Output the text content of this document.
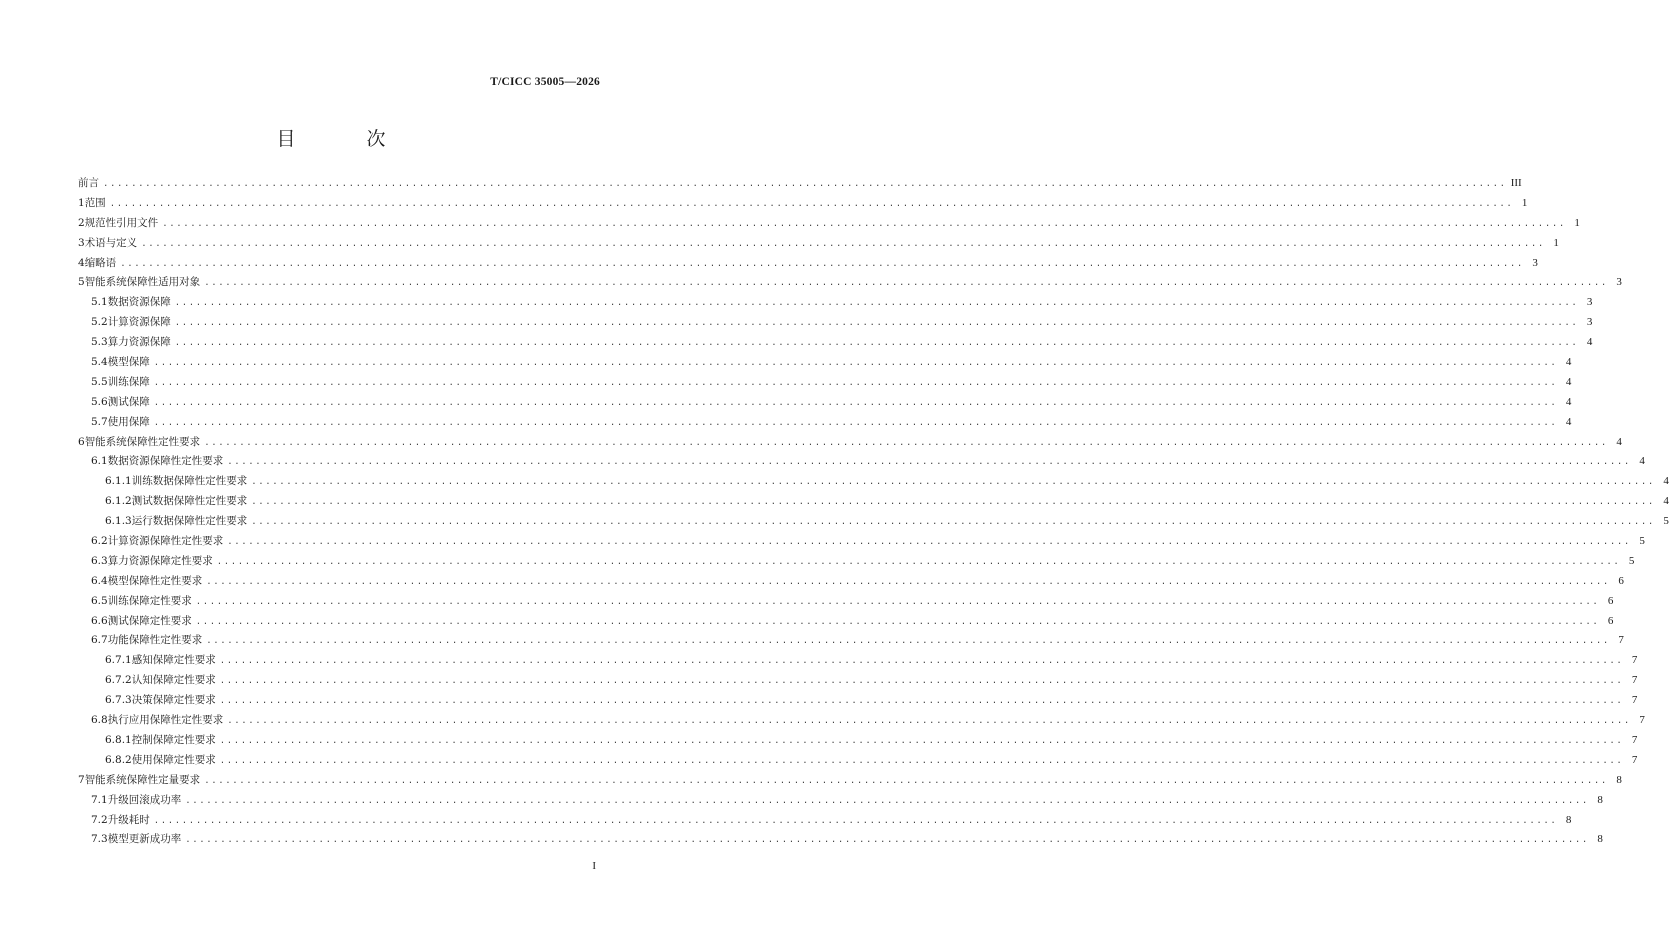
T/CICC 35005—2026
目　次
前言 ........................................................................................................................................................................................................ III
1 范围 ........................................................................................................................................................................................................ 1
2 规范性引用文件 ........................................................................................................................................................................................................ 1
3 术语与定义 ........................................................................................................................................................................................................ 1
4 缩略语 ........................................................................................................................................................................................................ 3
5 智能系统保障性适用对象 ........................................................................................................................................................................................................ 3
5.1 数据资源保障 ........................................................................................................................................................................................................ 3
5.2 计算资源保障 ........................................................................................................................................................................................................ 3
5.3 算力资源保障 ........................................................................................................................................................................................................ 4
5.4 模型保障 ........................................................................................................................................................................................................ 4
5.5 训练保障 ........................................................................................................................................................................................................ 4
5.6 测试保障 ........................................................................................................................................................................................................ 4
5.7 使用保障 ........................................................................................................................................................................................................ 4
6 智能系统保障性定性要求 ........................................................................................................................................................................................................ 4
6.1 数据资源保障性定性要求 ........................................................................................................................................................................................................ 4
6.1.1 训练数据保障性定性要求 ........................................................................................................................................................................................................ 4
6.1.2 测试数据保障性定性要求 ........................................................................................................................................................................................................ 4
6.1.3 运行数据保障性定性要求 ........................................................................................................................................................................................................ 5
6.2 计算资源保障性定性要求 ........................................................................................................................................................................................................ 5
6.3 算力资源保障定性要求 ........................................................................................................................................................................................................ 5
6.4 模型保障性定性要求 ........................................................................................................................................................................................................ 6
6.5 训练保障定性要求 ........................................................................................................................................................................................................ 6
6.6 测试保障定性要求 ........................................................................................................................................................................................................ 6
6.7 功能保障性定性要求 ........................................................................................................................................................................................................ 7
6.7.1 感知保障定性要求 ........................................................................................................................................................................................................ 7
6.7.2 认知保障定性要求 ........................................................................................................................................................................................................ 7
6.7.3 决策保障定性要求 ........................................................................................................................................................................................................ 7
6.8 执行应用保障性定性要求 ........................................................................................................................................................................................................ 7
6.8.1 控制保障定性要求 ........................................................................................................................................................................................................ 7
6.8.2 使用保障定性要求 ........................................................................................................................................................................................................ 7
7 智能系统保障性定量要求 ........................................................................................................................................................................................................ 8
7.1 升级回滚成功率 ........................................................................................................................................................................................................ 8
7.2 升级耗时 ........................................................................................................................................................................................................ 8
7.3 模型更新成功率 ........................................................................................................................................................................................................ 8
I
